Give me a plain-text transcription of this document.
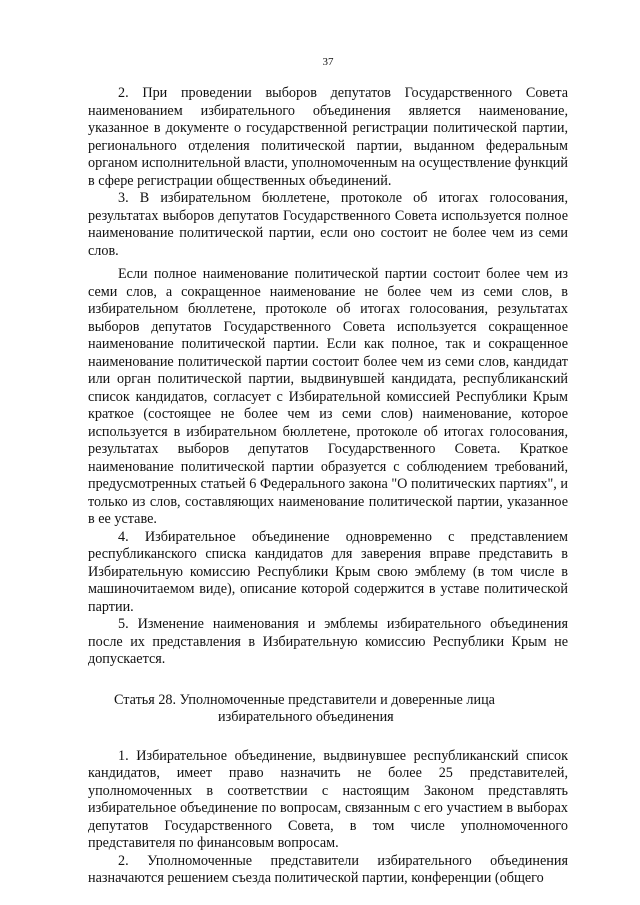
37

2. При проведении выборов депутатов Государственного Совета наименованием избирательного объединения является наименование, указанное в документе о государственной регистрации политической партии, регионального отделения политической партии, выданном федеральным органом исполнительной власти, уполномоченным на осуществление функций в сфере регистрации общественных объединений.

3. В избирательном бюллетене, протоколе об итогах голосования, результатах выборов депутатов Государственного Совета используется полное наименование политической партии, если оно состоит не более чем из семи слов.

Если полное наименование политической партии состоит более чем из семи слов, а сокращенное наименование не более чем из семи слов, в избирательном бюллетене, протоколе об итогах голосования, результатах выборов депутатов Государственного Совета используется сокращенное наименование политической партии. Если как полное, так и сокращенное наименование политической партии состоит более чем из семи слов, кандидат или орган политической партии, выдвинувшей кандидата, республиканский список кандидатов, согласует с Избирательной комиссией Республики Крым краткое (состоящее не более чем из семи слов) наименование, которое используется в избирательном бюллетене, протоколе об итогах голосования, результатах выборов депутатов Государственного Совета. Краткое наименование политической партии образуется с соблюдением требований, предусмотренных статьей 6 Федерального закона "О политических партиях", и только из слов, составляющих наименование политической партии, указанное в ее уставе.

4. Избирательное объединение одновременно с представлением республиканского списка кандидатов для заверения вправе представить в Избирательную комиссию Республики Крым свою эмблему (в том числе в машиночитаемом виде), описание которой содержится в уставе политической партии.

5. Изменение наименования и эмблемы избирательного объединения после их представления в Избирательную комиссию Республики Крым не допускается.

Статья 28. Уполномоченные представители и доверенные лица
избирательного объединения

1. Избирательное объединение, выдвинувшее республиканский список кандидатов, имеет право назначить не более 25 представителей, уполномоченных в соответствии с настоящим Законом представлять избирательное объединение по вопросам, связанным с его участием в выборах депутатов Государственного Совета, в том числе уполномоченного представителя по финансовым вопросам.

2. Уполномоченные представители избирательного объединения назначаются решением съезда политической партии, конференции (общего
